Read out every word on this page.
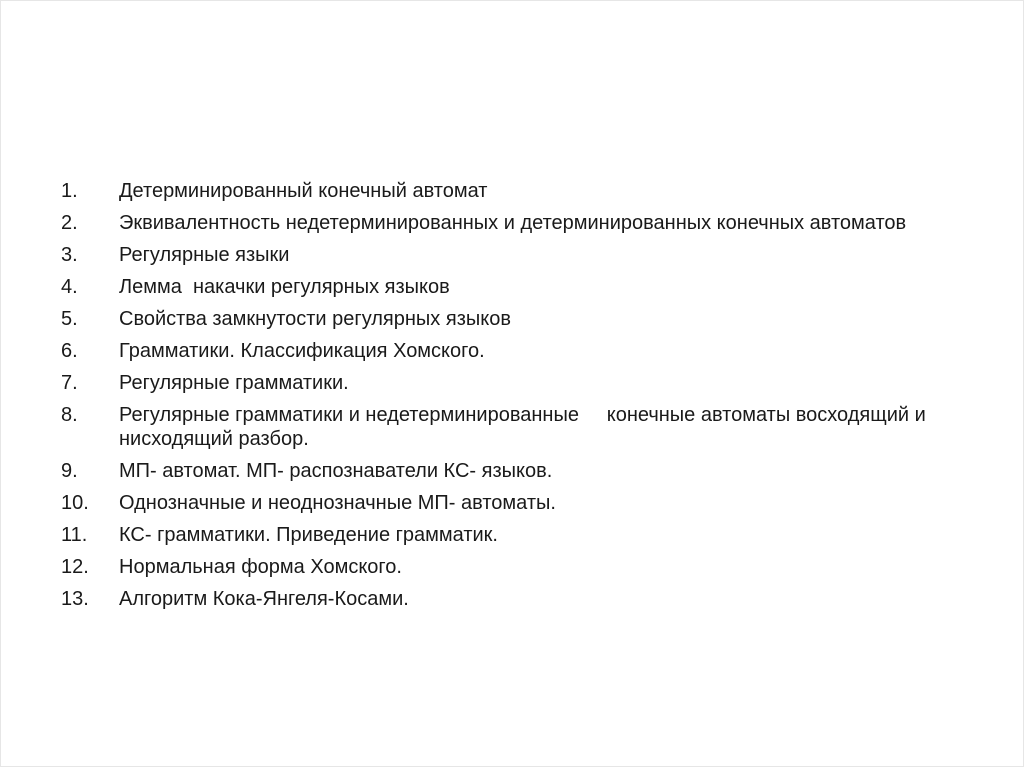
1.	Детерминированный конечный автомат
2.	Эквивалентность недетерминированных и детерминированных конечных автоматов
3.	Регулярные языки
4.	Лемма  накачки регулярных языков
5.	Свойства замкнутости регулярных языков
6.	Грамматики. Классификация Хомского.
7.	Регулярные грамматики.
8.	Регулярные грамматики и недетерминированные     конечные автоматы восходящий и нисходящий разбор.
9.	МП- автомат. МП- распознаватели КС- языков.
10.	Однозначные и неоднозначные МП- автоматы.
11.	КС- грамматики. Приведение грамматик.
12.	Нормальная форма Хомского.
13.	Алгоритм Кока-Янгеля-Косами.
